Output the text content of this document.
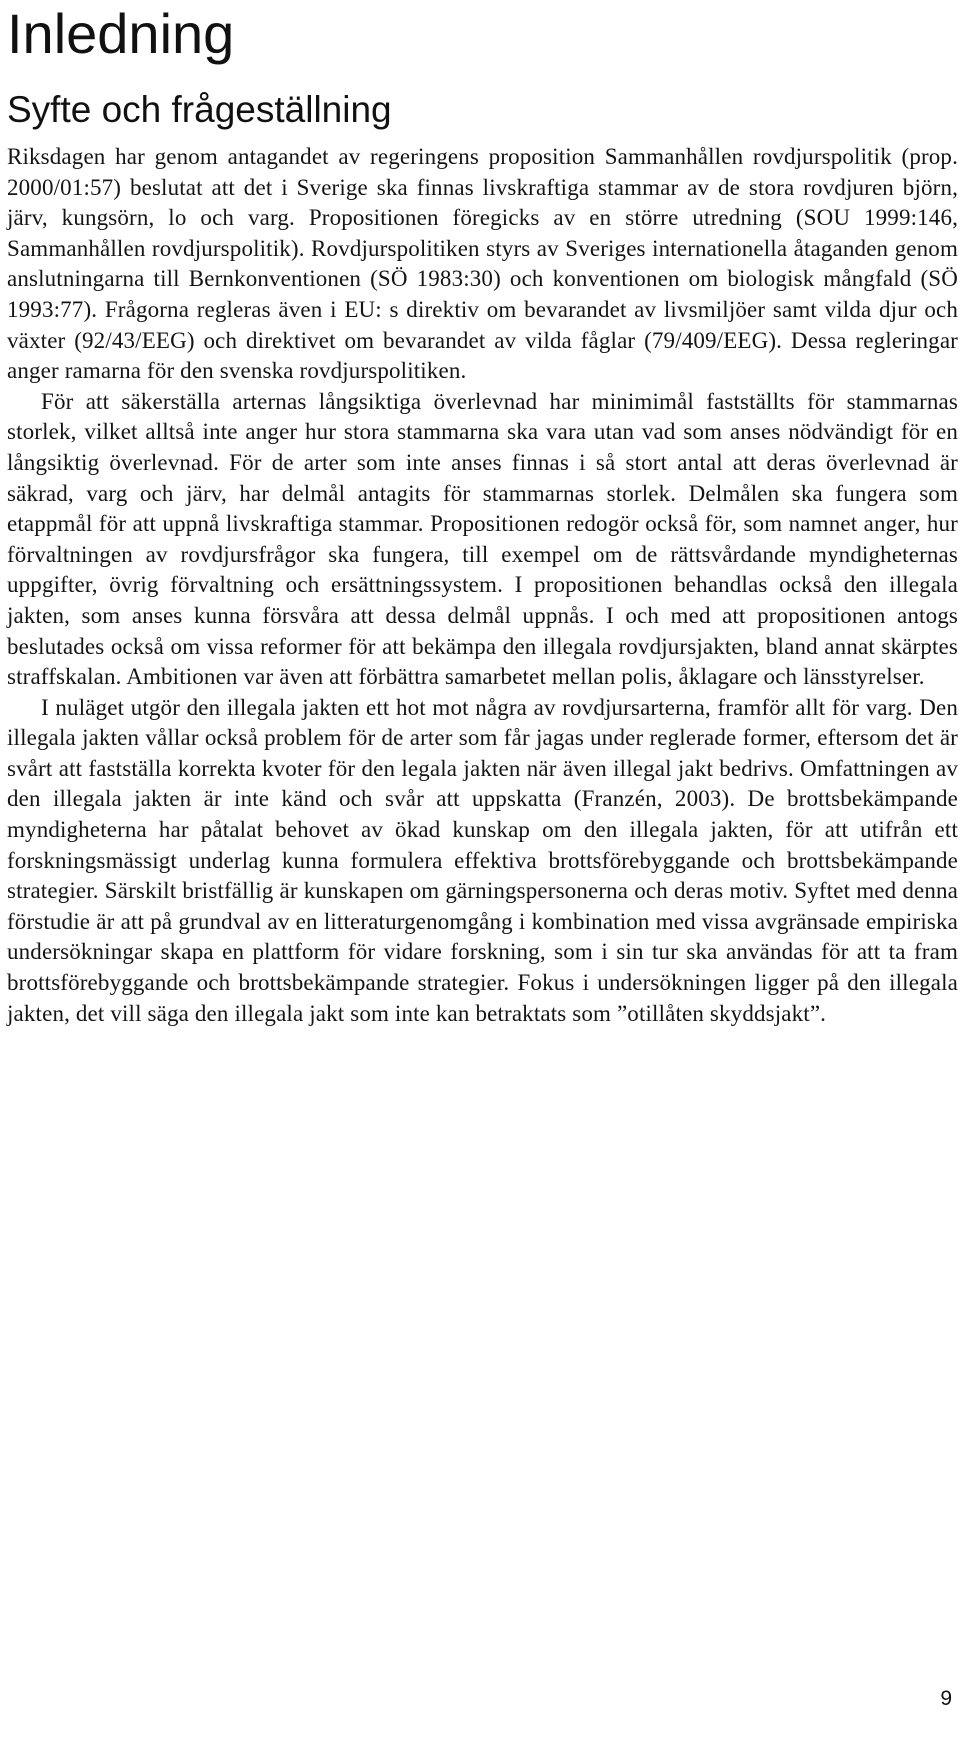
Inledning
Syfte och frågeställning

Riksdagen har genom antagandet av regeringens proposition Sammanhållen rovdjurspolitik (prop. 2000/01:57) beslutat att det i Sverige ska finnas livskraftiga stammar av de stora rovdjuren björn, järv, kungsörn, lo och varg. Propositionen föregicks av en större utredning (SOU 1999:146, Sammanhållen rovdjurspolitik). Rovdjurspolitiken styrs av Sveriges internationella åtaganden genom anslutningarna till Bernkonventionen (SÖ 1983:30) och konventionen om biologisk mångfald (SÖ 1993:77). Frågorna regleras även i EU: s direktiv om bevarandet av livsmiljöer samt vilda djur och växter (92/43/EEG) och direktivet om bevarandet av vilda fåglar (79/409/EEG). Dessa regleringar anger ramarna för den svenska rovdjurspolitiken.

För att säkerställa arternas långsiktiga överlevnad har minimimål fastställts för stammarnas storlek, vilket alltså inte anger hur stora stammarna ska vara utan vad som anses nödvändigt för en långsiktig överlevnad. För de arter som inte anses finnas i så stort antal att deras överlevnad är säkrad, varg och järv, har delmål antagits för stammarnas storlek. Delmålen ska fungera som etappmål för att uppnå livskraftiga stammar. Propositionen redogör också för, som namnet anger, hur förvaltningen av rovdjursfrågor ska fungera, till exempel om de rättsvårdande myndigheternas uppgifter, övrig förvaltning och ersättningssystem. I propositionen behandlas också den illegala jakten, som anses kunna försvåra att dessa delmål uppnås. I och med att propositionen antogs beslutades också om vissa reformer för att bekämpa den illegala rovdjursjakten, bland annat skärptes straffskalan. Ambitionen var även att förbättra samarbetet mellan polis, åklagare och länsstyrelser.

I nuläget utgör den illegala jakten ett hot mot några av rovdjursarterna, framför allt för varg. Den illegala jakten vållar också problem för de arter som får jagas under reglerade former, eftersom det är svårt att fastställa korrekta kvoter för den legala jakten när även illegal jakt bedrivs. Omfattningen av den illegala jakten är inte känd och svår att uppskatta (Franzén, 2003). De brottsbekämpande myndigheterna har påtalat behovet av ökad kunskap om den illegala jakten, för att utifrån ett forskningsmässigt underlag kunna formulera effektiva brottsförebyggande och brottsbekämpande strategier. Särskilt bristfällig är kunskapen om gärningspersonerna och deras motiv. Syftet med denna förstudie är att på grundval av en litteraturgenomgång i kombination med vissa avgränsade empiriska undersökningar skapa en plattform för vidare forskning, som i sin tur ska användas för att ta fram brottsförebyggande och brottsbekämpande strategier. Fokus i undersökningen ligger på den illegala jakten, det vill säga den illegala jakt som inte kan betraktats som ”otillåten skyddsjakt”.

9
